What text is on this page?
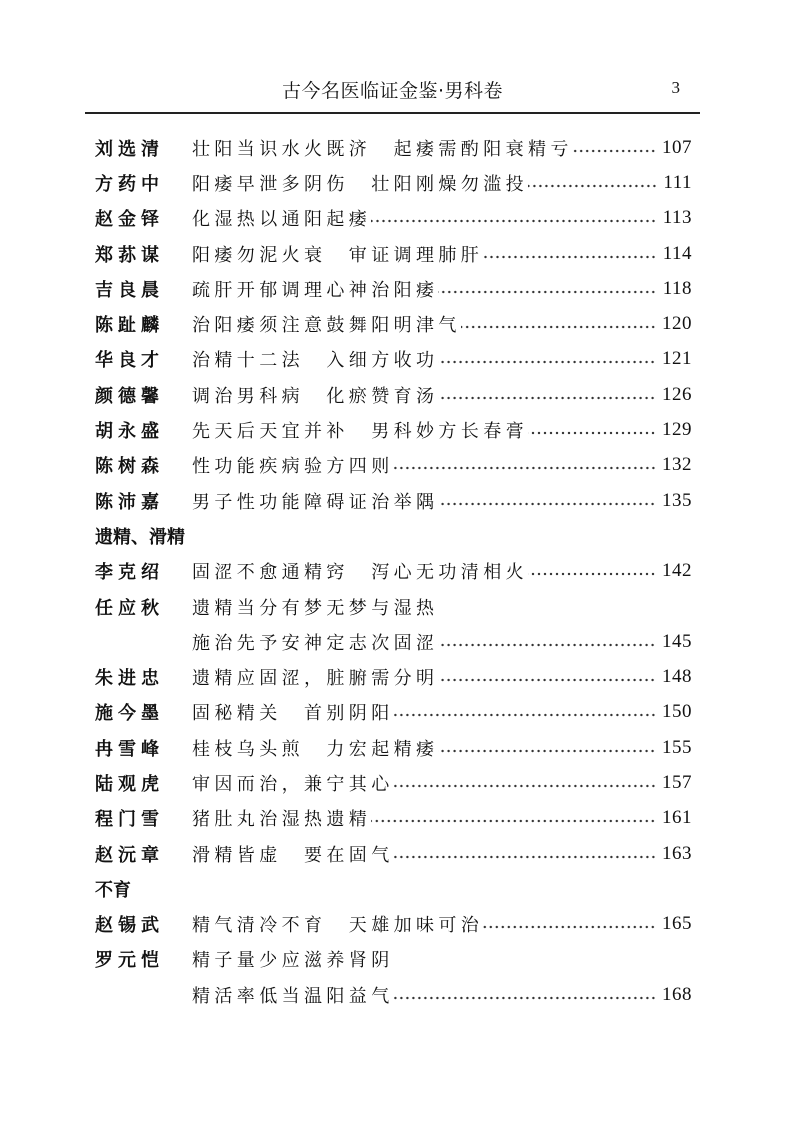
古今名医临证金鉴·男科卷	3
刘选清	壮阳当识水火既济　起痿需酌阳衰精亏	107
方药中	阳痿早泄多阴伤　壮阳刚燥勿滥投	111
赵金铎	化湿热以通阳起痿	113
郑荪谋	阳痿勿泥火衰　审证调理肺肝	114
吉良晨	疏肝开郁调理心神治阳痿	118
陈趾麟	治阳痿须注意鼓舞阳明津气	120
华良才	治精十二法　入细方收功	121
颜德馨	调治男科病　化瘀赞育汤	126
胡永盛	先天后天宜并补　男科妙方长春膏	129
陈树森	性功能疾病验方四则	132
陈沛嘉	男子性功能障碍证治举隅	135
遗精、滑精
李克绍	固涩不愈通精窍　泻心无功清相火	142
任应秋	遗精当分有梦无梦与湿热
施治先予安神定志次固涩	145
朱进忠	遗精应固涩，脏腑需分明	148
施今墨	固秘精关　首别阴阳	150
冉雪峰	桂枝乌头煎　力宏起精痿	155
陆观虎	审因而治，兼宁其心	157
程门雪	猪肚丸治湿热遗精	161
赵沅章	滑精皆虚　要在固气	163
不育
赵锡武	精气清冷不育　天雄加味可治	165
罗元恺	精子量少应滋养肾阴
精活率低当温阳益气	168
